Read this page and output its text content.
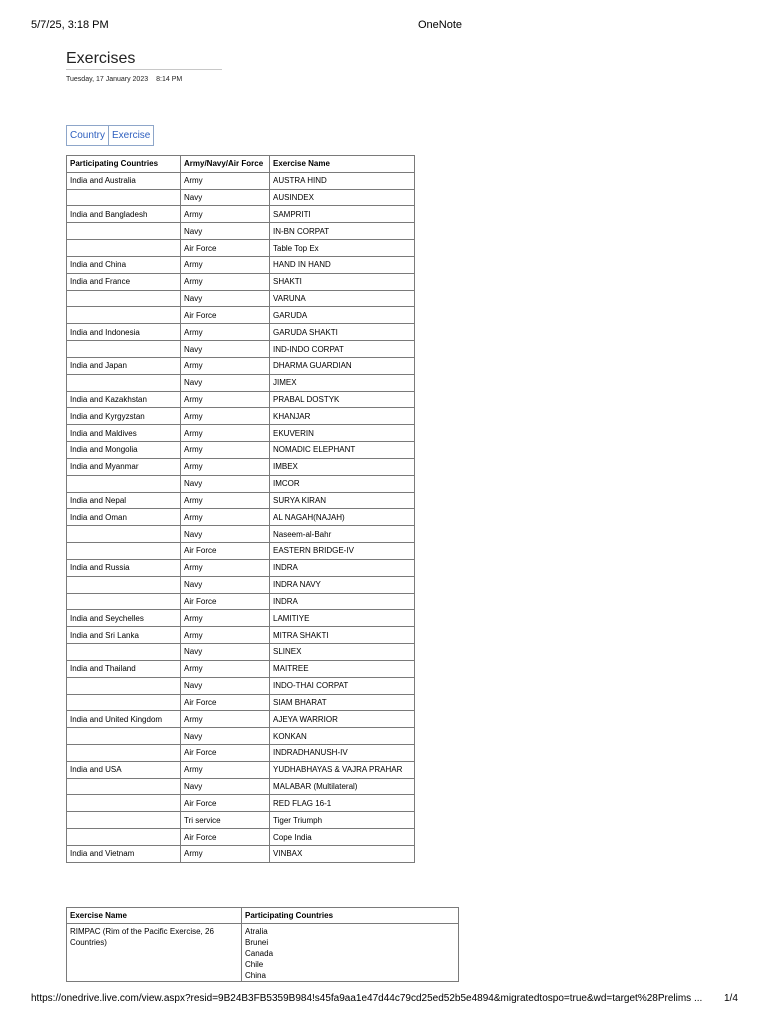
5/7/25, 3:18 PM	OneNote
Exercises
Tuesday, 17 January 2023 8:14 PM
Country Exercise
Participating Countries	Army/Navy/Air Force	Exercise Name
India and Australia	Army	AUSTRA HIND
	Navy	AUSINDEX
India and Bangladesh	Army	SAMPRITI
	Navy	IN-BN CORPAT
	Air Force	Table Top Ex
India and China	Army	HAND IN HAND
India and France	Army	SHAKTI
	Navy	VARUNA
	Air Force	GARUDA
India and Indonesia	Army	GARUDA SHAKTI
	Navy	IND-INDO CORPAT
India and Japan	Army	DHARMA GUARDIAN
	Navy	JIMEX
India and Kazakhstan	Army	PRABAL DOSTYK
India and Kyrgyzstan	Army	KHANJAR
India and Maldives	Army	EKUVERIN
India and Mongolia	Army	NOMADIC ELEPHANT
India and Myanmar	Army	IMBEX
	Navy	IMCOR
India and Nepal	Army	SURYA KIRAN
India and Oman	Army	AL NAGAH(NAJAH)
	Navy	Naseem-al-Bahr
	Air Force	EASTERN BRIDGE-IV
India and Russia	Army	INDRA
	Navy	INDRA NAVY
	Air Force	INDRA
India and Seychelles	Army	LAMITIYE
India and Sri Lanka	Army	MITRA SHAKTI
	Navy	SLINEX
India and Thailand	Army	MAITREE
	Navy	INDO-THAI CORPAT
	Air Force	SIAM BHARAT
India and United Kingdom	Army	AJEYA WARRIOR
	Navy	KONKAN
	Air Force	INDRADHANUSH-IV
India and USA	Army	YUDHABHAYAS & VAJRA PRAHAR
	Navy	MALABAR (Multilateral)
	Air Force	RED FLAG 16-1
	Tri service	Tiger Triumph
	Air Force	Cope India
India and Vietnam	Army	VINBAX
Exercise Name	Participating Countries
RIMPAC (Rim of the Pacific Exercise, 26 Countries)	Atralia
Brunei
Canada
Chile
China
https://onedrive.live.com/view.aspx?resid=9B24B3FB5359B984!s45fa9aa1e47d44c79cd25ed52b5e4894&migratedtospo=true&wd=target%28Prelims ...	1/4
